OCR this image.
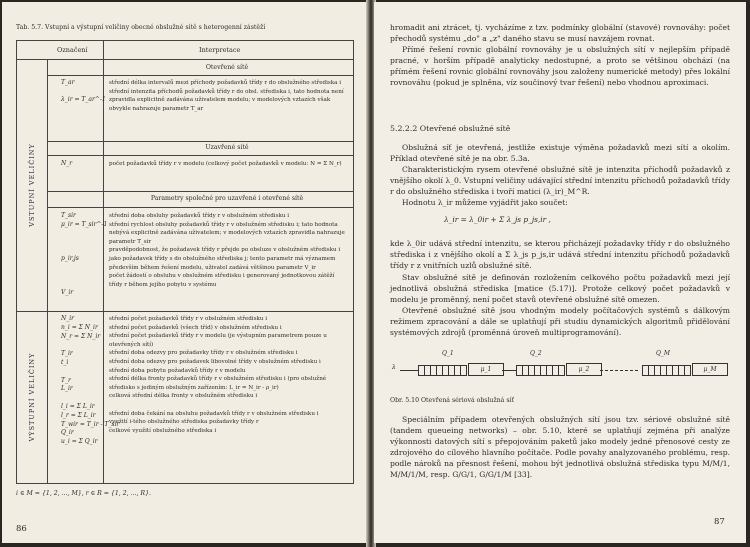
Tab. 5.7. Vstupní a výstupní veličiny obecné obslužné sítě s heterogenní zástěží
Označení	Interpretace
VSTUPNÍ VELIČINY
VÝSTUPNÍ VELIČINY
Otevřené sítě
T_ar

λ_ir = T_ar^-1
střední délka intervalů mezi příchody požadavků třídy r do obslužného střediska i
střední intenzita příchodů požadavků třídy r do obsl. střediska i, tato hodnota není zpravidla explicitně zadávána uživatelem modelu; v modelových vztazích však obvykle nahrazuje parametr T_ar
Uzavřené sítě
N_r	počet požadavků třídy r v modelu (celkový počet požadavků v modelu: N = Σ N_r)
Parametry společné pro uzavřené i otevřené sítě
T_sir
μ_ir = T_sir^-1

p_ir,js

V_ir
střední doba obsluhy požadavků třídy r v obslužném středisku i
střední rychlost obsluhy požadavků třídy r v obslužném středisku i; tato hodnota nebývá explicitně zadávána uživatelem; v modelových vztazích zpravidla nahrazuje parametr T_sir
pravděpodobnost, že požadavek třídy r přejde po obsluze v obslužném středisku i jako požadavek třídy s do obslužného střediska j; tento parametr má významem především během řešení modelu, uživatel zadává většinou parametr V_ir
počet žádostí o obsluhu v obslužném středisku i generovaný jednotkovou zátěží třídy r během jejího pobytu v systému
N_ir
n_i = Σ N_ir
N_r = Σ N_ir

T_ir
t_i

T_r
L_ir

l_i = Σ L_ir
l_r = Σ L_ir
T_wir = T_ir - T_sir
Q_ir
u_i = Σ Q_ir
střední počet požadavků třídy r v obslužném středisku i
střední počet požadavků (všech tříd) v obslužném středisku i
střední počet požadavků třídy r v modelu (je výstupním parametrem pouze u otevřených sítí)
střední doba odezvy pro požadavky třídy r v obslužném středisku i
střední doba odezvy pro požadavek libovolné třídy v obslužném středisku i
střední doba pobytu požadavků třídy r v modelu
střední délka fronty požadavků třídy r v obslužném středisku i (pro obslužné středisko s jediným obslužným zařízením: L_ir = N_ir - ρ_ir)
celková střední délka fronty v obslužném středisku i

střední doba čekání na obsluhu požadavků třídy r v obslužném středisku i
využití i-tého obslužného střediska požadavky třídy r
celkové využití obslužného střediska i
i ∈ M = {1, 2, ..., M}, r ∈ R = {1, 2, ..., R}.
86

hromadit ani ztrácet, tj. vycházíme z tzv. podmínky globální (stavové) rovnováhy: počet přechodů systému „do" a „z" daného stavu se musí navzájem rovnat.

Přímé řešení rovnic globální rovnováhy je u obslužných sítí v nejlepším případě pracné, v horším případě analyticky nedostupné, a proto se většinou obchází (na přímém řešení rovnic globální rovnováhy jsou založeny numerické metody) přes lokální rovnováhu (pokud je splněna, víz součinový tvar řešení) nebo vhodnou aproximaci.

5.2.2.2 Otevřené obslužné sítě

Obslužná síť je otevřená, jestliže existuje výměna požadavků mezi sítí a okolím. Příklad otevřené sítě je na obr. 5.3a.

Charakteristickým rysem otevřené obslužné sítě je intenzita příchodů požadavků z vnějšího okolí λ_0. Vstupní veličiny udávající střední intenzitu příchodů požadavků třídy r do obslužného střediska i tvoří matici (λ_ir)_M^R.

Hodnotu λ_ir můžeme vyjádřit jako součet:

λ_ir = λ_0ir + Σ λ_js p_js,ir ,

kde λ_0ir udává střední intenzitu, se kterou přicházejí požadavky třídy r do obslužného střediska i z vnějšího okolí a Σ λ_js p_js,ir udává střední intenzitu příchodů požadavků třídy r z vnitřních uzlů obslužné sítě.

Stav obslužné sítě je definován rozložením celkového počtu požadavků mezi její jednotlivá obslužná střediska [matice (5.17)]. Protože celkový počet požadavků v modelu je proměnný, není počet stavů otevřené obslužné sítě omezen.

Otevřené obslužné sítě jsou vhodným modely počítačových systémů s dálkovým režimem zpracování a dále se uplatňují při studiu dynamických algoritmů přidělování systémových zdrojů (proměnná úroveň multiprogramování).

λ
Q_1
μ_1
Q_2
μ_2
Q_M
μ_M
Obr. 5.10 Otevřená sériová obslužná síť

Speciálním případem otevřených obslužných sítí jsou tzv. sériové obslužné sítě (tandem queueing networks) – obr. 5.10, které se uplatňují zejména při analýze výkonnosti datových sítí s přepojováním paketů jako modely jedné přenosové cesty ze zdrojového do cílového hlavního počítače. Podle povahy analyzovaného problému, resp. podle nároků na přesnost řešení, mohou být jednotlivá obslužná střediska typu M/M/1, M/M/1/M, resp. G/G/1, G/G/1/M [33].

87
